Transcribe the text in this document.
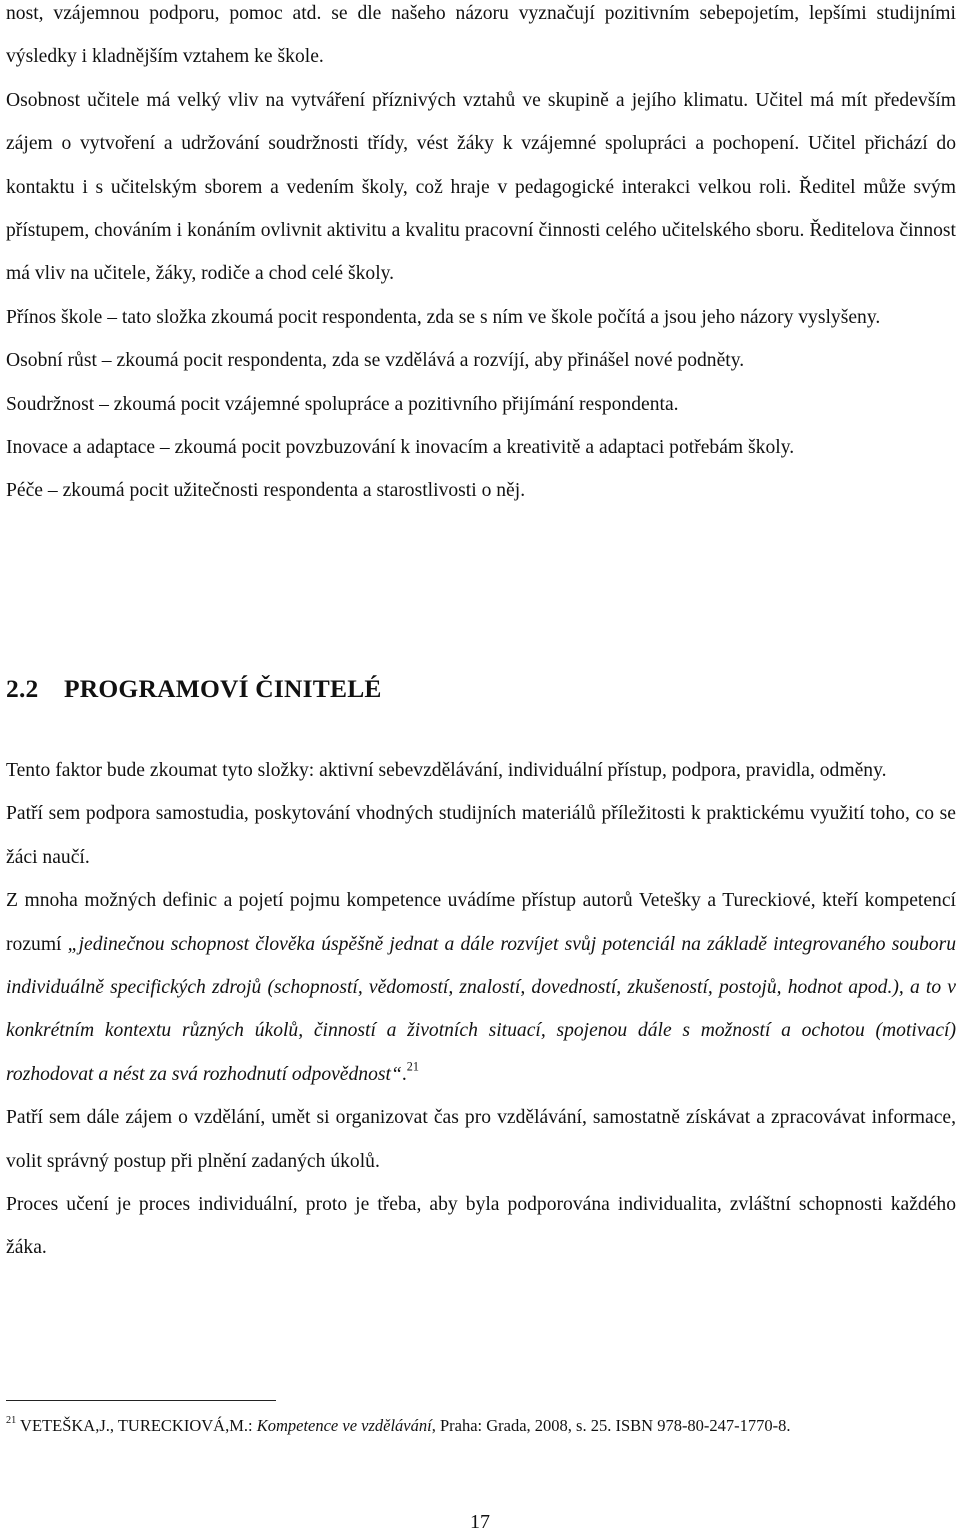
nost, vzájemnou podporu, pomoc atd. se dle našeho názoru vyznačují pozitivním sebepojetím, lepšími studijními výsledky i kladnějším vztahem ke škole.

Osobnost učitele má velký vliv na vytváření příznivých vztahů ve skupině a jejího klimatu. Učitel má mít především zájem o vytvoření a udržování soudržnosti třídy, vést žáky k vzájemné spolupráci a pochopení. Učitel přichází do kontaktu i s učitelským sborem a vedením školy, což hraje v pedagogické interakci velkou roli. Ředitel může svým přístupem, chováním i konáním ovlivnit aktivitu a kvalitu pracovní činnosti celého učitelského sboru. Ředitelova činnost má vliv na učitele, žáky, rodiče a chod celé školy.

Přínos škole – tato složka zkoumá pocit respondenta, zda se s ním ve škole počítá a jsou jeho názory vyslyšeny.

Osobní růst – zkoumá pocit respondenta, zda se vzdělává a rozvíjí, aby přinášel nové podněty.

Soudržnost – zkoumá pocit vzájemné spolupráce a pozitivního přijímání respondenta.

Inovace a adaptace – zkoumá pocit povzbuzování k inovacím a kreativitě a adaptaci potřebám školy.

Péče – zkoumá pocit užitečnosti respondenta a starostlivosti o něj.

2.2 PROGRAMOVÍ ČINITELÉ

Tento faktor bude zkoumat tyto složky: aktivní sebevzdělávání, individuální přístup, podpora, pravidla, odměny.

Patří sem podpora samostudia, poskytování vhodných studijních materiálů příležitosti k praktickému využití toho, co se žáci naučí.

Z mnoha možných definic a pojetí pojmu kompetence uvádíme přístup autorů Vetešky a Tureckiové, kteří kompetencí rozumí „jedinečnou schopnost člověka úspěšně jednat a dále rozvíjet svůj potenciál na základě integrovaného souboru individuálně specifických zdrojů (schopností, vědomostí, znalostí, dovedností, zkušeností, postojů, hodnot apod.), a to v konkrétním kontextu různých úkolů, činností a životních situací, spojenou dále s možností a ochotou (motivací) rozhodovat a nést za svá rozhodnutí odpovědnost“.$^{21}$

Patří sem dále zájem o vzdělání, umět si organizovat čas pro vzdělávání, samostatně získávat a zpracovávat informace, volit správný postup při plnění zadaných úkolů.

Proces učení je proces individuální, proto je třeba, aby byla podporována individualita, zvláštní schopnosti každého žáka.

$^{21}$ VETEŠKA,J., TURECKIOVÁ,M.: Kompetence ve vzdělávání, Praha: Grada, 2008, s. 25. ISBN 978-80-247-1770-8.

17
